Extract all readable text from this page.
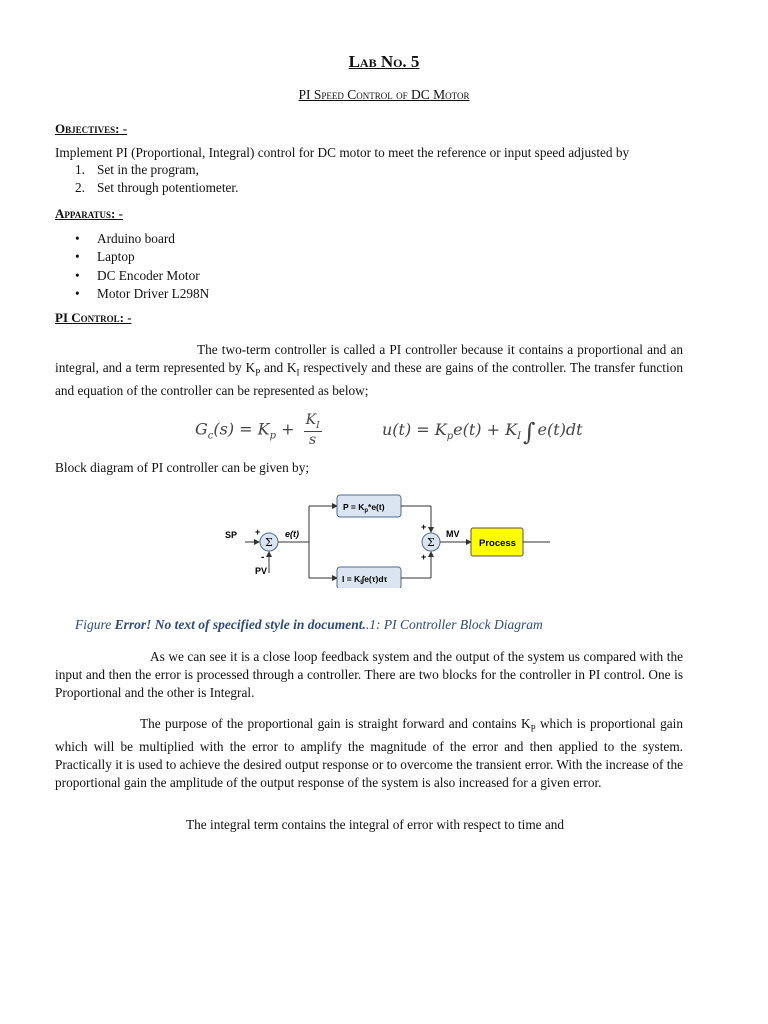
Lab No. 5
PI Speed Control of DC Motor
Objectives: -
Implement PI (Proportional, Integral) control for DC motor to meet the reference or input speed adjusted by
1. Set in the program,
2. Set through potentiometer.
Apparatus: -
• Arduino board
• Laptop
• DC Encoder Motor
• Motor Driver L298N
PI Control: -
The two-term controller is called a PI controller because it contains a proportional and an integral, and a term represented by $K_P$ and $K_I$ respectively and these are gains of the controller. The transfer function and equation of the controller can be represented as below;
$G_c(s) = K_p + \frac{K_I}{s}$	$u(t) = K_pe(t) + K_I\int$ e(t)dt
Block diagram of PI controller can be given by;
SP
Σ
+
-
PV
e(t)
$P = K_p*e(t)$
$I = K_I\int e(\tau)d\tau$
Σ
+
+
MV
Process
Figure Error! No text of specified style in document..1: PI Controller Block Diagram
As we can see it is a close loop feedback system and the output of the system us compared with the input and then the error is processed through a controller. There are two blocks for the controller in PI control. One is Proportional and the other is Integral.
The purpose of the proportional gain is straight forward and contains $K_P$ which is proportional gain which will be multiplied with the error to amplify the magnitude of the error and then applied to the system. Practically it is used to achieve the desired output response or to overcome the transient error. With the increase of the proportional gain the amplitude of the output response of the system is also increased for a given error.
The integral term contains the integral of error with respect to time and
